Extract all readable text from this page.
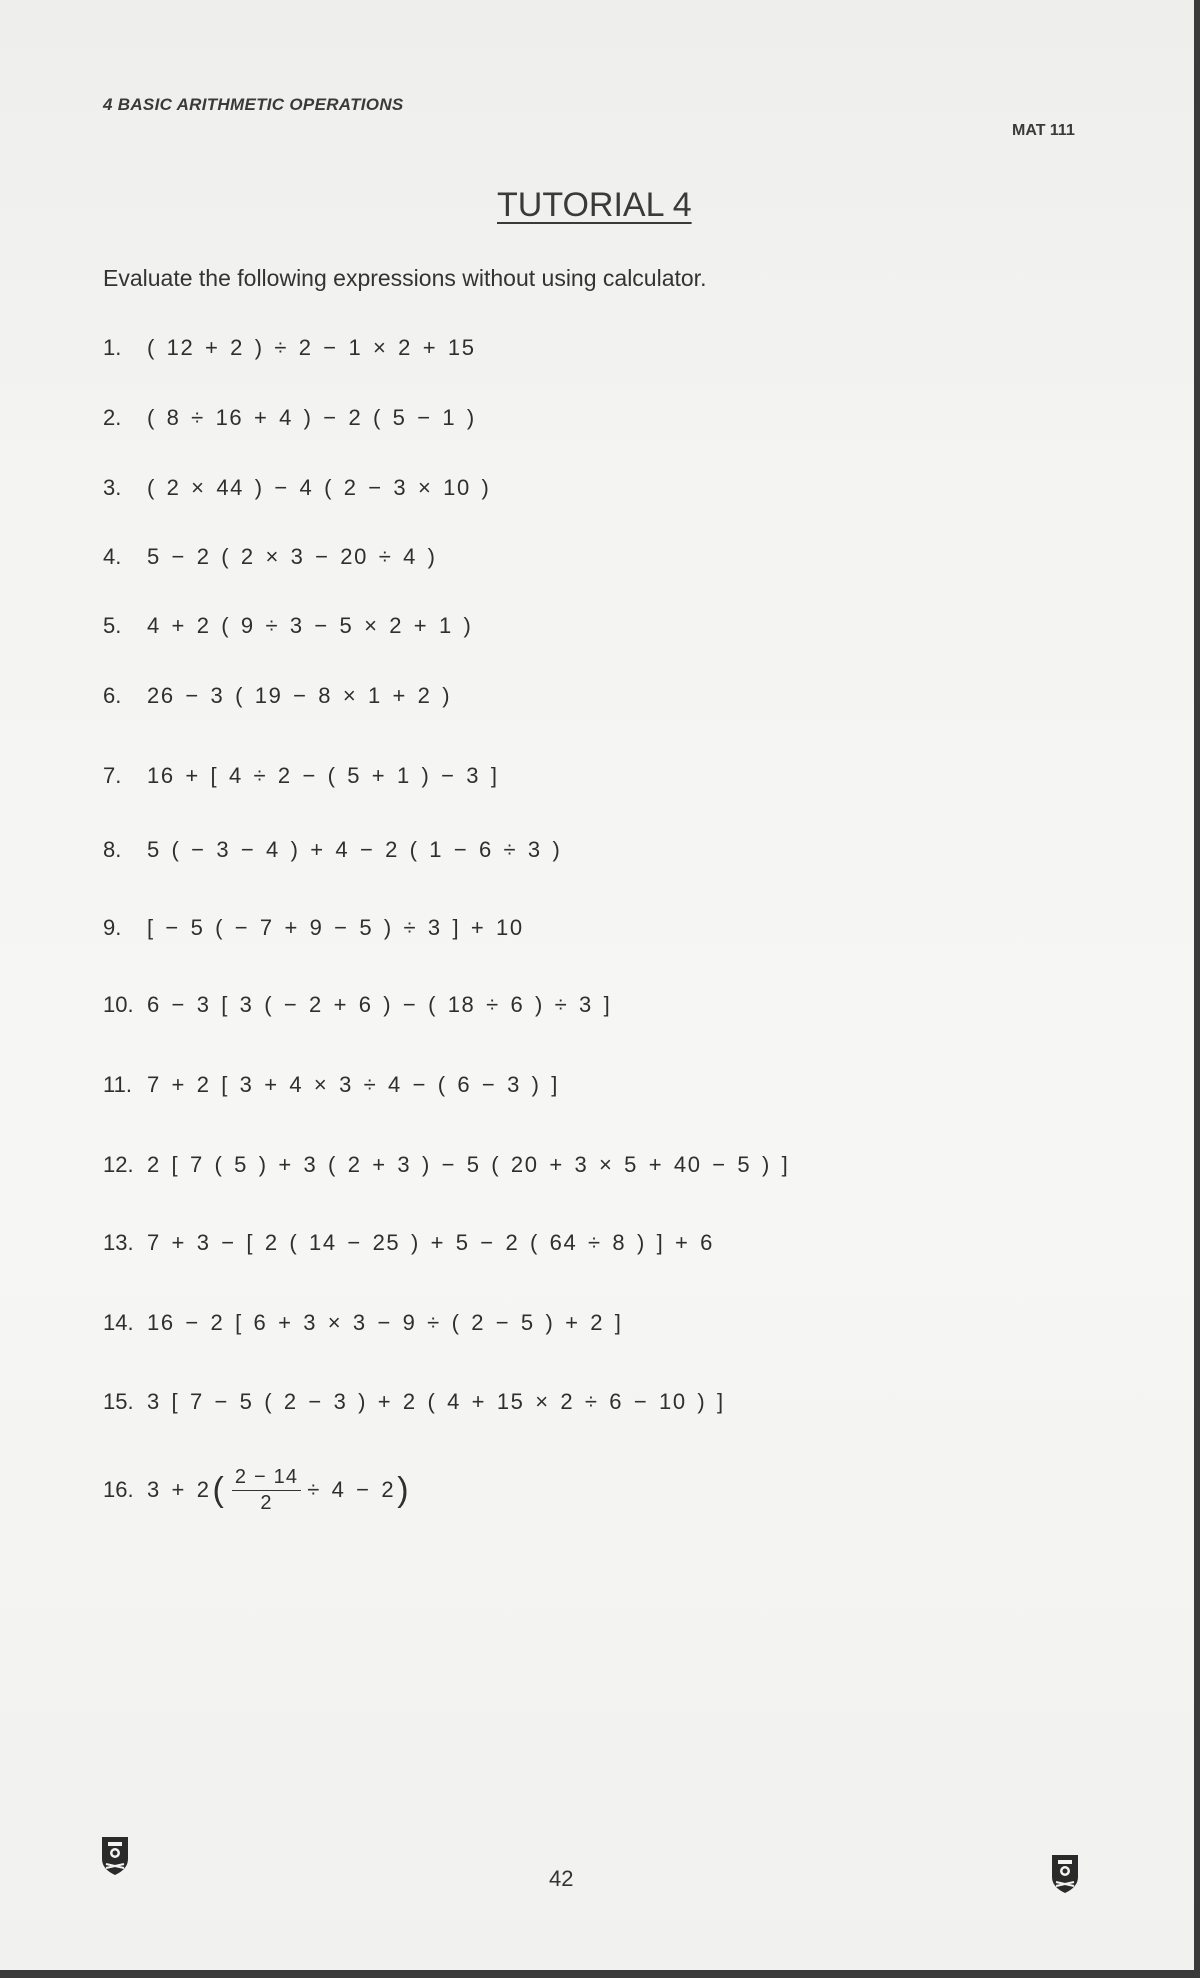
4 BASIC ARITHMETIC OPERATIONS
MAT 111
TUTORIAL 4
Evaluate the following expressions without using calculator.
1.	( 12 + 2 ) ÷ 2 − 1 × 2 + 15
2.	( 8 ÷ 16 + 4 ) − 2 ( 5 − 1 )
3.	( 2 × 44 ) − 4 ( 2 − 3 × 10 )
4.	5 − 2 ( 2 × 3 − 20 ÷ 4 )
5.	4 + 2 ( 9 ÷ 3 − 5 × 2 + 1 )
6.	26 − 3 ( 19 − 8 × 1 + 2 )
7.	16 + [ 4 ÷ 2 − ( 5 + 1 ) − 3 ]
8.	5 ( − 3 − 4 ) + 4 − 2 ( 1 − 6 ÷ 3 )
9.	[ − 5 ( − 7 + 9 − 5 ) ÷ 3 ] + 10
10. 6 − 3 [ 3 ( − 2 + 6 ) − ( 18 ÷ 6 ) ÷ 3 ]
11. 7 + 2 [ 3 + 4 × 3 ÷ 4 − ( 6 − 3 ) ]
12. 2 [ 7 ( 5 ) + 3 ( 2 + 3 ) − 5 ( 20 + 3 × 5 + 40 − 5 ) ]
13. 7 + 3 − [ 2 ( 14 − 25 ) + 5 − 2 ( 64 ÷ 8 ) ] + 6
14. 16 − 2 [ 6 + 3 × 3 − 9 ÷ ( 2 − 5 ) + 2 ]
15. 3 [ 7 − 5 ( 2 − 3 ) + 2 ( 4 + 15 × 2 ÷ 6 − 10 ) ]
16. 3 + 2 ( $\frac{2 - 14}{2} \div 4 - 2$ )
42
